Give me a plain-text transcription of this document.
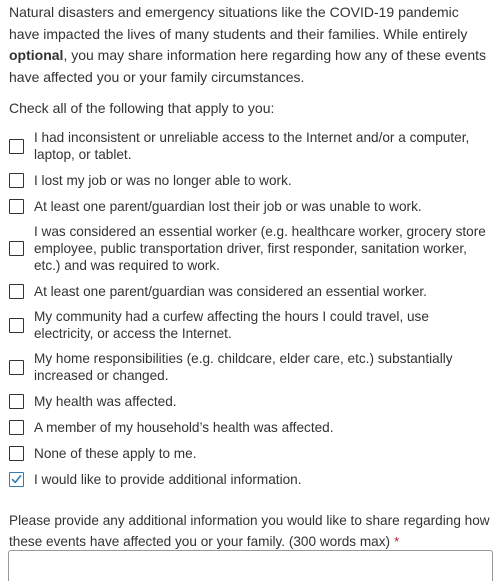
Natural disasters and emergency situations like the COVID-19 pandemic have impacted the lives of many students and their families. While entirely optional, you may share information here regarding how any of these events have affected you or your family circumstances.

Check all of the following that apply to you:

I had inconsistent or unreliable access to the Internet and/or a computer, laptop, or tablet.
I lost my job or was no longer able to work.
At least one parent/guardian lost their job or was unable to work.
I was considered an essential worker (e.g. healthcare worker, grocery store employee, public transportation driver, first responder, sanitation worker, etc.) and was required to work.
At least one parent/guardian was considered an essential worker.
My community had a curfew affecting the hours I could travel, use electricity, or access the Internet.
My home responsibilities (e.g. childcare, elder care, etc.) substantially increased or changed.
My health was affected.
A member of my household’s health was affected.
None of these apply to me.
I would like to provide additional information.

Please provide any additional information you would like to share regarding how these events have affected you or your family. (300 words max) *
